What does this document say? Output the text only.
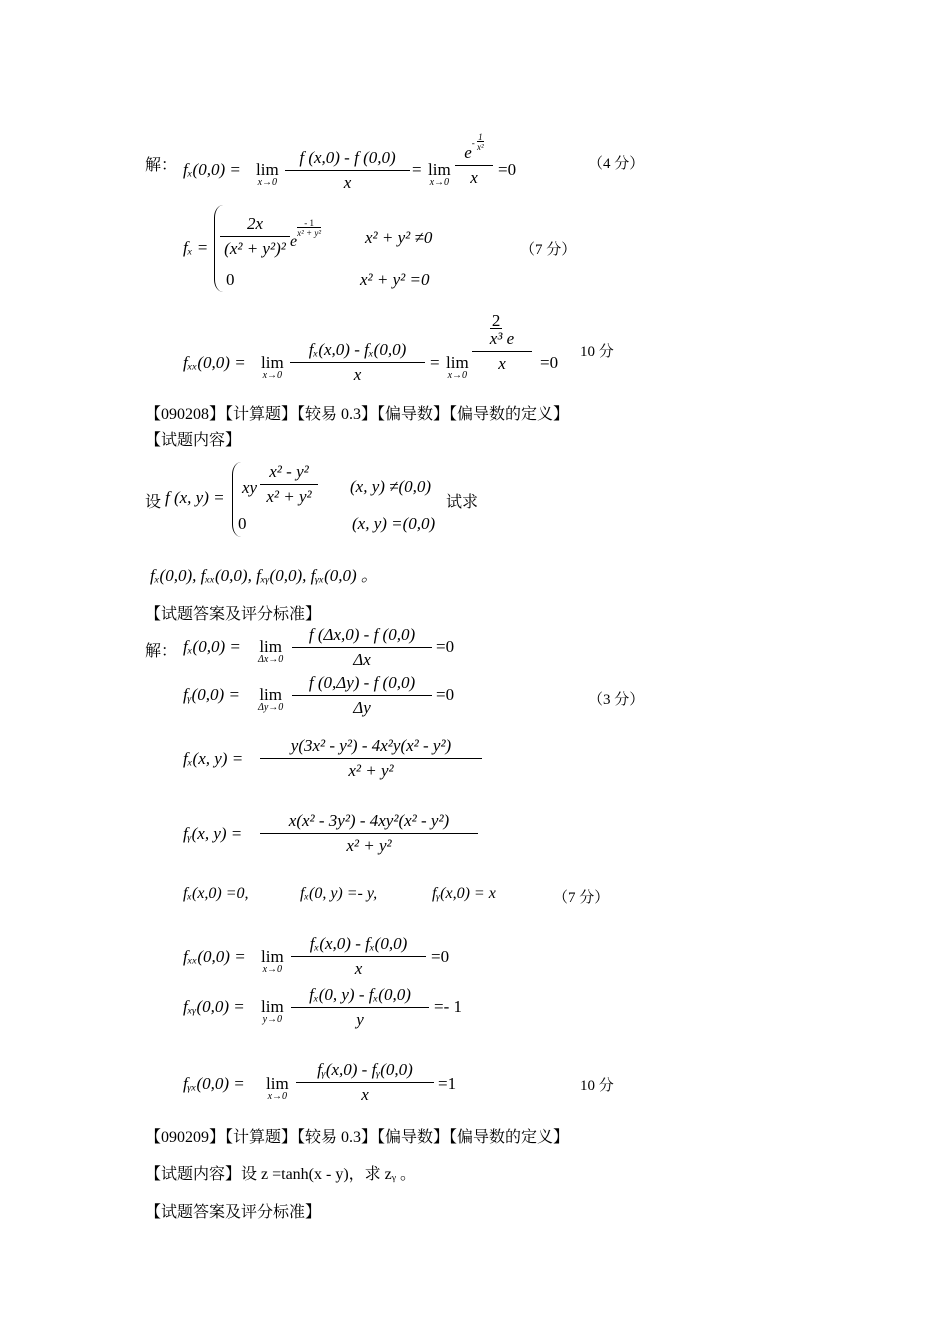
解： fₓ(0,0) = lim
x→0
f (x,0) - f (0,0)
x
= lim
x→0
$e^- \frac{1}{\text{x²}}$
x	=0	（4 分）
fₓ =
2x
(x² + y²)² e- 1
x² + y²	x² + y² ≠0
0	x² + y² =0
（7 分）
fₓₓ(0,0) = lim
x→0
fₓ(x,0) - fₓ(0,0)
x
= lim
x→0
$\frac{2}{\text{x³}}$ e
x	=0
10 分
【090208】【计算题】【较易 0.3】【偏导数】【偏导数的定义】
【试题内容】
设 f (x, y) =
xy
x² - y²
x² + y²
(x, y) ≠(0,0)
0	(x, y) =(0,0)
试求
fₓ(0,0), fₓₓ(0,0), fₓᵧ(0,0), fᵧₓ(0,0) 。
【试题答案及评分标准】
解： fₓ(0,0) = lim
Δx→0
f (Δx,0) - f (0,0)
Δx
=0
fᵧ(0,0) = lim
Δy→0
f (0,Δy) - f (0,0)
Δy
=0	（3 分）
fₓ(x, y) =
y(3x² - y²) - 4x²y(x² - y²)
x² + y²
fᵧ(x, y) =
x(x² - 3y²) - 4xy²(x² - y²)
x² + y²
fₓ(x,0) =0,	fₓ(0, y) =- y,	fᵧ(x,0) = x	（7 分）
fₓₓ(0,0) = lim
x→0
fₓ(x,0) - fₓ(0,0)
x
=0
fₓᵧ(0,0) = lim
y→0
fₓ(0, y) - fₓ(0,0)
y
=- 1
fᵧₓ(0,0) = lim
x→0
fᵧ(x,0) - fᵧ(0,0)
x
=1	10 分
【090209】【计算题】【较易 0.3】【偏导数】【偏导数的定义】
【试题内容】设 z =tanh(x - y)，求 zᵧ 。
【试题答案及评分标准】
